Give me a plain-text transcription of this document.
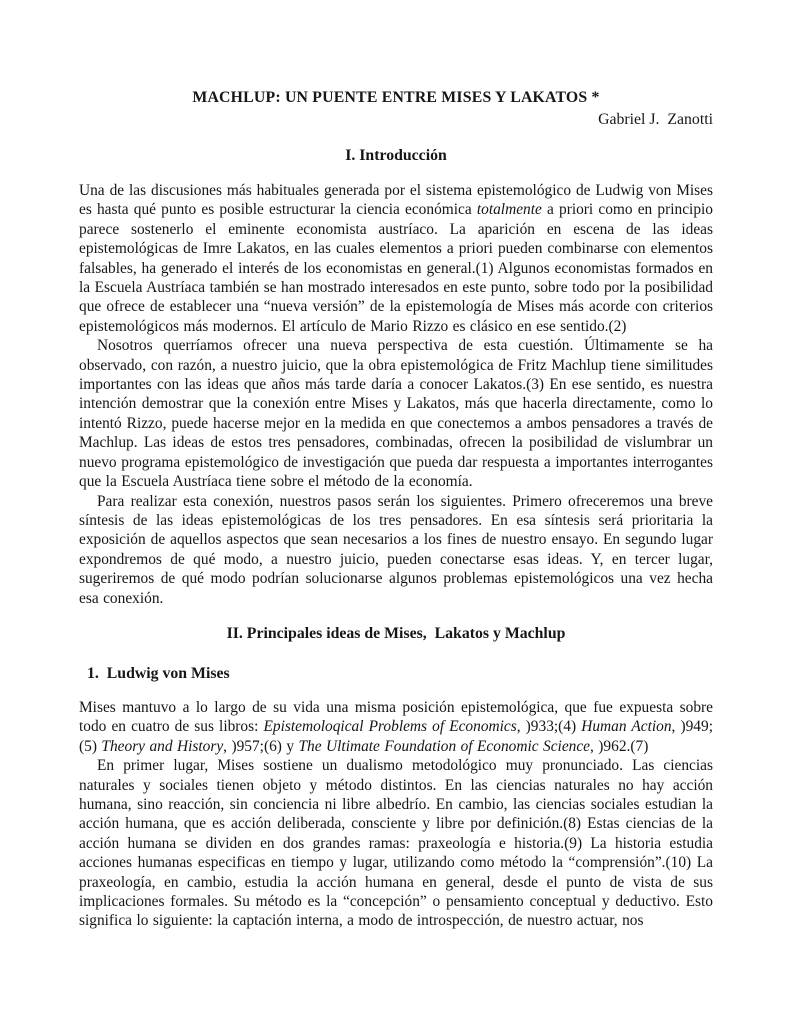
MACHLUP: UN PUENTE ENTRE MISES Y LAKATOS *
Gabriel J.  Zanotti
I. Introducción

Una de las discusiones más habituales generada por el sistema epistemológico de Ludwig von Mises es hasta qué punto es posible estructurar la ciencia económica totalmente a priori como en principio parece sostenerlo el eminente economista austríaco. La aparición en escena de las ideas epistemológicas de Imre Lakatos, en las cuales elementos a priori pueden combinarse con elementos falsables, ha generado el interés de los economistas en general.(1) Algunos economistas formados en la Escuela Austríaca también se han mostrado interesados en este punto, sobre todo por la posibilidad que ofrece de establecer una “nueva versión” de la epistemología de Mises más acorde con criterios epistemológicos más modernos. El artículo de Mario Rizzo es clásico en ese sentido.(2)

Nosotros querríamos ofrecer una nueva perspectiva de esta cuestión. Últimamente se ha observado, con razón, a nuestro juicio, que la obra epistemológica de Fritz Machlup tiene similitudes importantes con las ideas que años más tarde daría a conocer Lakatos.(3) En ese sentido, es nuestra intención demostrar que la conexión entre Mises y Lakatos, más que hacerla directamente, como lo intentó Rizzo, puede hacerse mejor en la medida en que conectemos a ambos pensadores a través de Machlup. Las ideas de estos tres pensadores, combinadas, ofrecen la posibilidad de vislumbrar un nuevo programa epistemológico de investigación que pueda dar respuesta a importantes interrogantes que la Escuela Austríaca tiene sobre el método de la economía.

Para realizar esta conexión, nuestros pasos serán los siguientes. Primero ofreceremos una breve síntesis de las ideas epistemológicas de los tres pensadores. En esa síntesis será prioritaria la exposición de aquellos aspectos que sean necesarios a los fines de nuestro ensayo. En segundo lugar expondremos de qué modo, a nuestro juicio, pueden conectarse esas ideas. Y, en tercer lugar, sugeriremos de qué modo podrían solucionarse algunos problemas epistemológicos una vez hecha esa conexión.

II. Principales ideas de Mises,  Lakatos y Machlup
1.  Ludwig von Mises

Mises mantuvo a lo largo de su vida una misma posición epistemológica, que fue expuesta sobre todo en cuatro de sus libros: Epistemoloqical Problems of Economics, )933;(4) Human Action, )949;(5) Theory and History, )957;(6) y The Ultimate Foundation of Economic Science, )962.(7)

En primer lugar, Mises sostiene un dualismo metodológico muy pronunciado. Las ciencias naturales y sociales tienen objeto y método distintos. En las ciencias naturales no hay acción humana, sino reacción, sin conciencia ni libre albedrío. En cambio, las ciencias sociales estudian la acción humana, que es acción deliberada, consciente y libre por definición.(8) Estas ciencias de la acción humana se dividen en dos grandes ramas: praxeología e historia.(9) La historia estudia acciones humanas especificas en tiempo y lugar, utilizando como método la “comprensión”.(10) La praxeología, en cambio, estudia la acción humana en general, desde el punto de vista de sus implicaciones formales. Su método es la “concepción” o pensamiento conceptual y deductivo. Esto significa lo siguiente: la captación interna, a modo de introspección, de nuestro actuar, nos
